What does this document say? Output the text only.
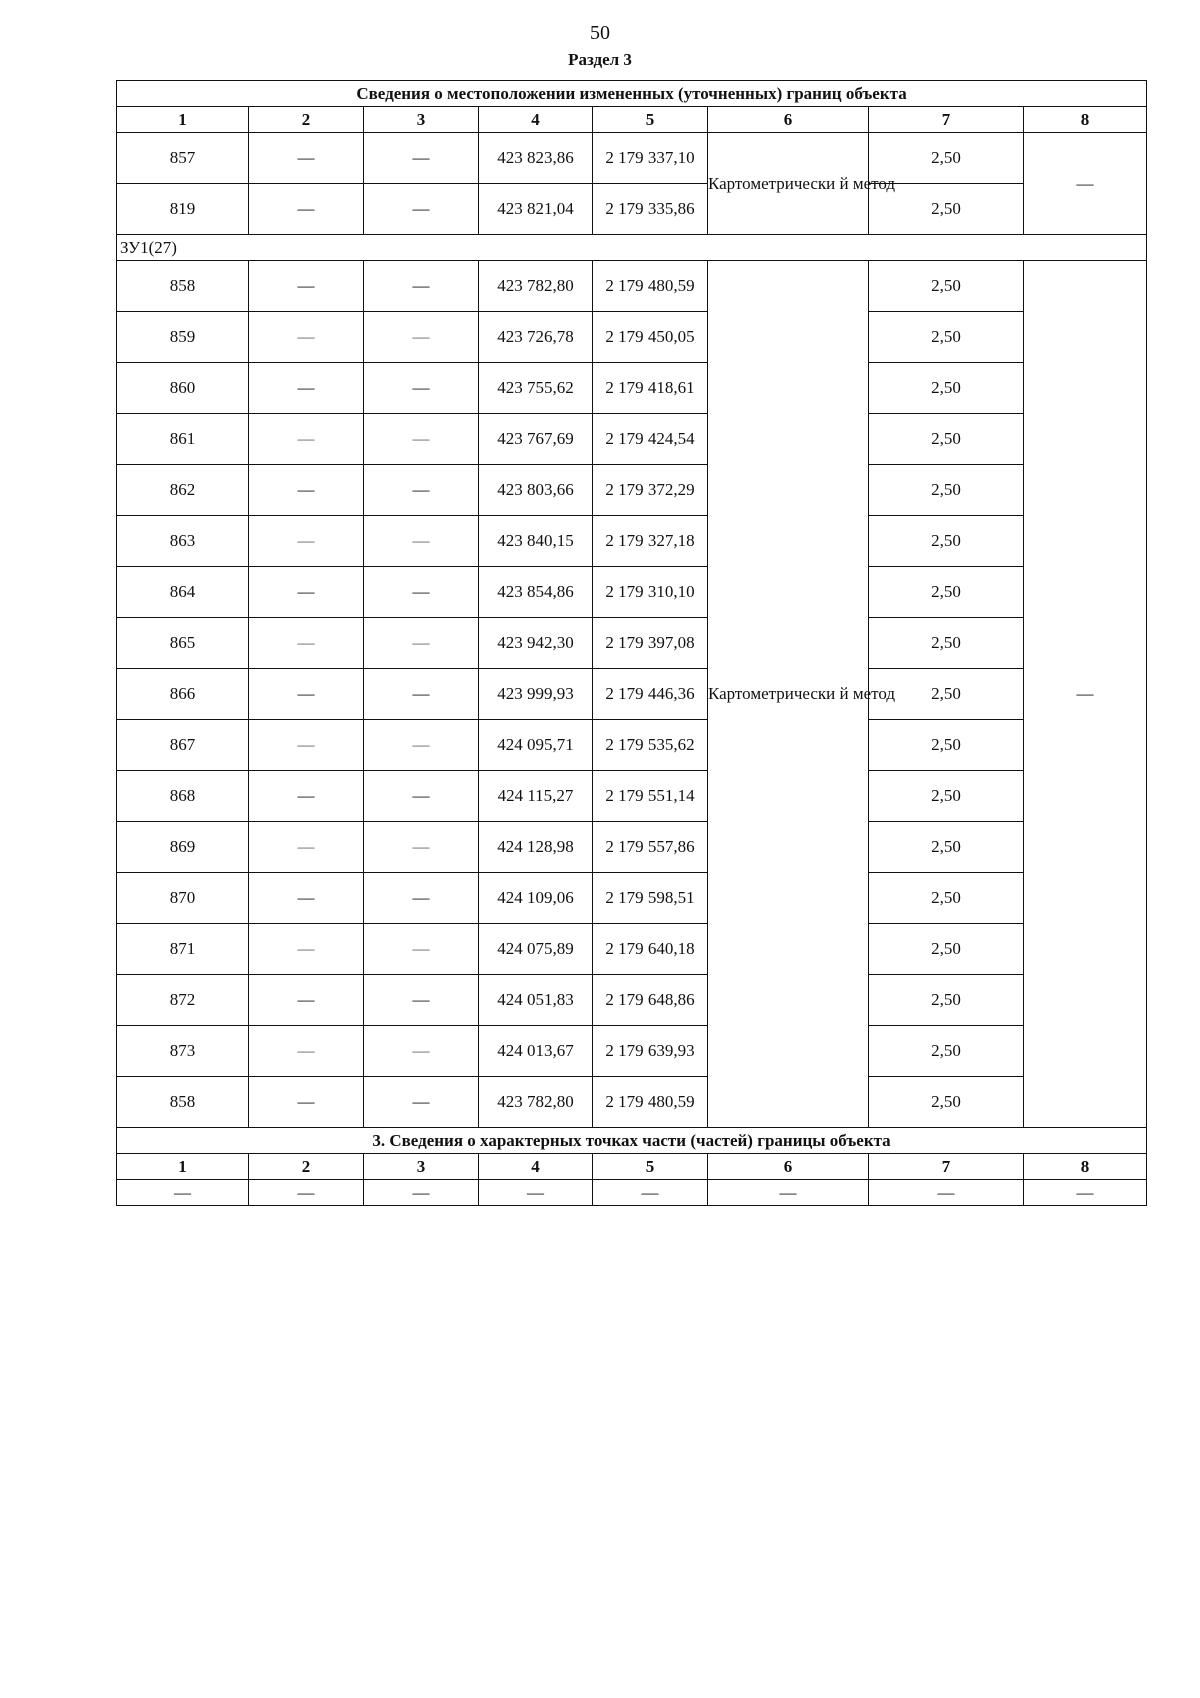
50
Раздел 3
Сведения о местоположении измененных (уточненных) границ объекта							
1	2	3	4	5	6	7	8
857	—	—	423 823,86	2 179 337,10	Картометрически й метод	2,50	—
819	—	—	423 821,04	2 179 335,86		2,50	
ЗУ1(27)							
858	—	—	423 782,80	2 179 480,59	Картометрически й метод	2,50	—
859	—	—	423 726,78	2 179 450,05		2,50	
860	—	—	423 755,62	2 179 418,61		2,50	
861	—	—	423 767,69	2 179 424,54		2,50	
862	—	—	423 803,66	2 179 372,29		2,50	
863	—	—	423 840,15	2 179 327,18		2,50	
864	—	—	423 854,86	2 179 310,10		2,50	
865	—	—	423 942,30	2 179 397,08		2,50	
866	—	—	423 999,93	2 179 446,36		2,50	
867	—	—	424 095,71	2 179 535,62		2,50	
868	—	—	424 115,27	2 179 551,14		2,50	
869	—	—	424 128,98	2 179 557,86		2,50	
870	—	—	424 109,06	2 179 598,51		2,50	
871	—	—	424 075,89	2 179 640,18		2,50	
872	—	—	424 051,83	2 179 648,86		2,50	
873	—	—	424 013,67	2 179 639,93		2,50	
858	—	—	423 782,80	2 179 480,59		2,50	
3. Сведения о характерных точках части (частей) границы объекта							
1	2	3	4	5	6	7	8
—	—	—	—	—	—	—	—
